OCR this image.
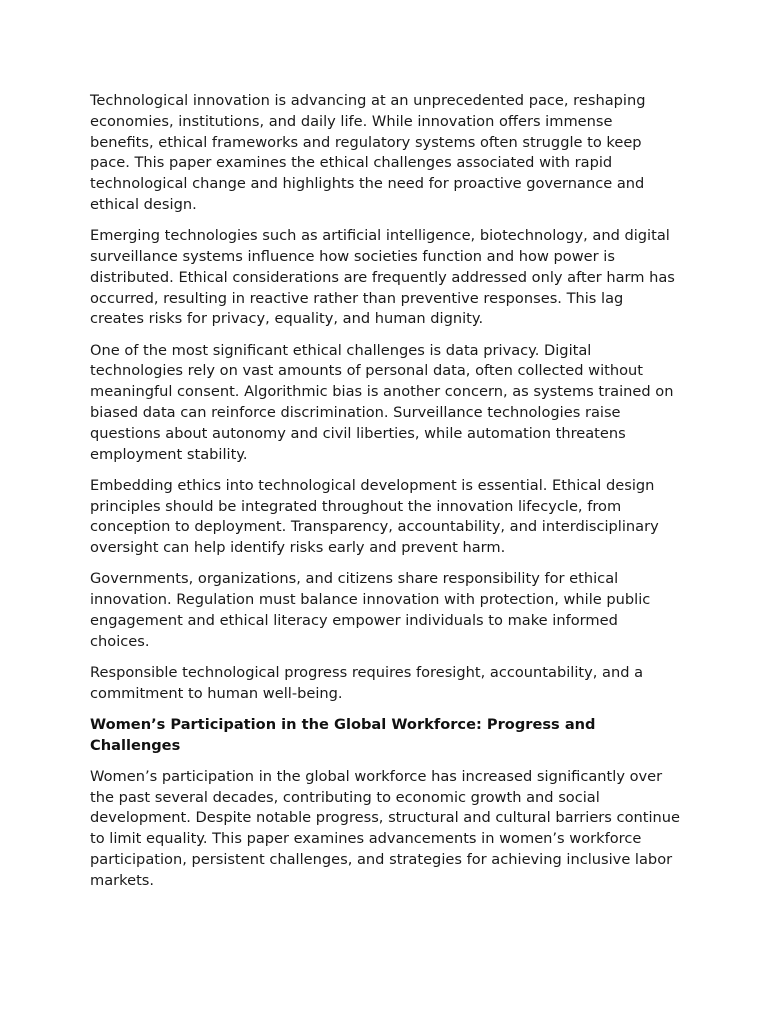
Technological innovation is advancing at an unprecedented pace, reshaping economies, institutions, and daily life. While innovation offers immense benefits, ethical frameworks and regulatory systems often struggle to keep pace. This paper examines the ethical challenges associated with rapid technological change and highlights the need for proactive governance and ethical design.

Emerging technologies such as artificial intelligence, biotechnology, and digital surveillance systems influence how societies function and how power is distributed. Ethical considerations are frequently addressed only after harm has occurred, resulting in reactive rather than preventive responses. This lag creates risks for privacy, equality, and human dignity.

One of the most significant ethical challenges is data privacy. Digital technologies rely on vast amounts of personal data, often collected without meaningful consent. Algorithmic bias is another concern, as systems trained on biased data can reinforce discrimination. Surveillance technologies raise questions about autonomy and civil liberties, while automation threatens employment stability.

Embedding ethics into technological development is essential. Ethical design principles should be integrated throughout the innovation lifecycle, from conception to deployment. Transparency, accountability, and interdisciplinary oversight can help identify risks early and prevent harm.

Governments, organizations, and citizens share responsibility for ethical innovation. Regulation must balance innovation with protection, while public engagement and ethical literacy empower individuals to make informed choices.

Responsible technological progress requires foresight, accountability, and a commitment to human well-being.

Women’s Participation in the Global Workforce: Progress and Challenges

Women’s participation in the global workforce has increased significantly over the past several decades, contributing to economic growth and social development. Despite notable progress, structural and cultural barriers continue to limit equality. This paper examines advancements in women’s workforce participation, persistent challenges, and strategies for achieving inclusive labor markets.
